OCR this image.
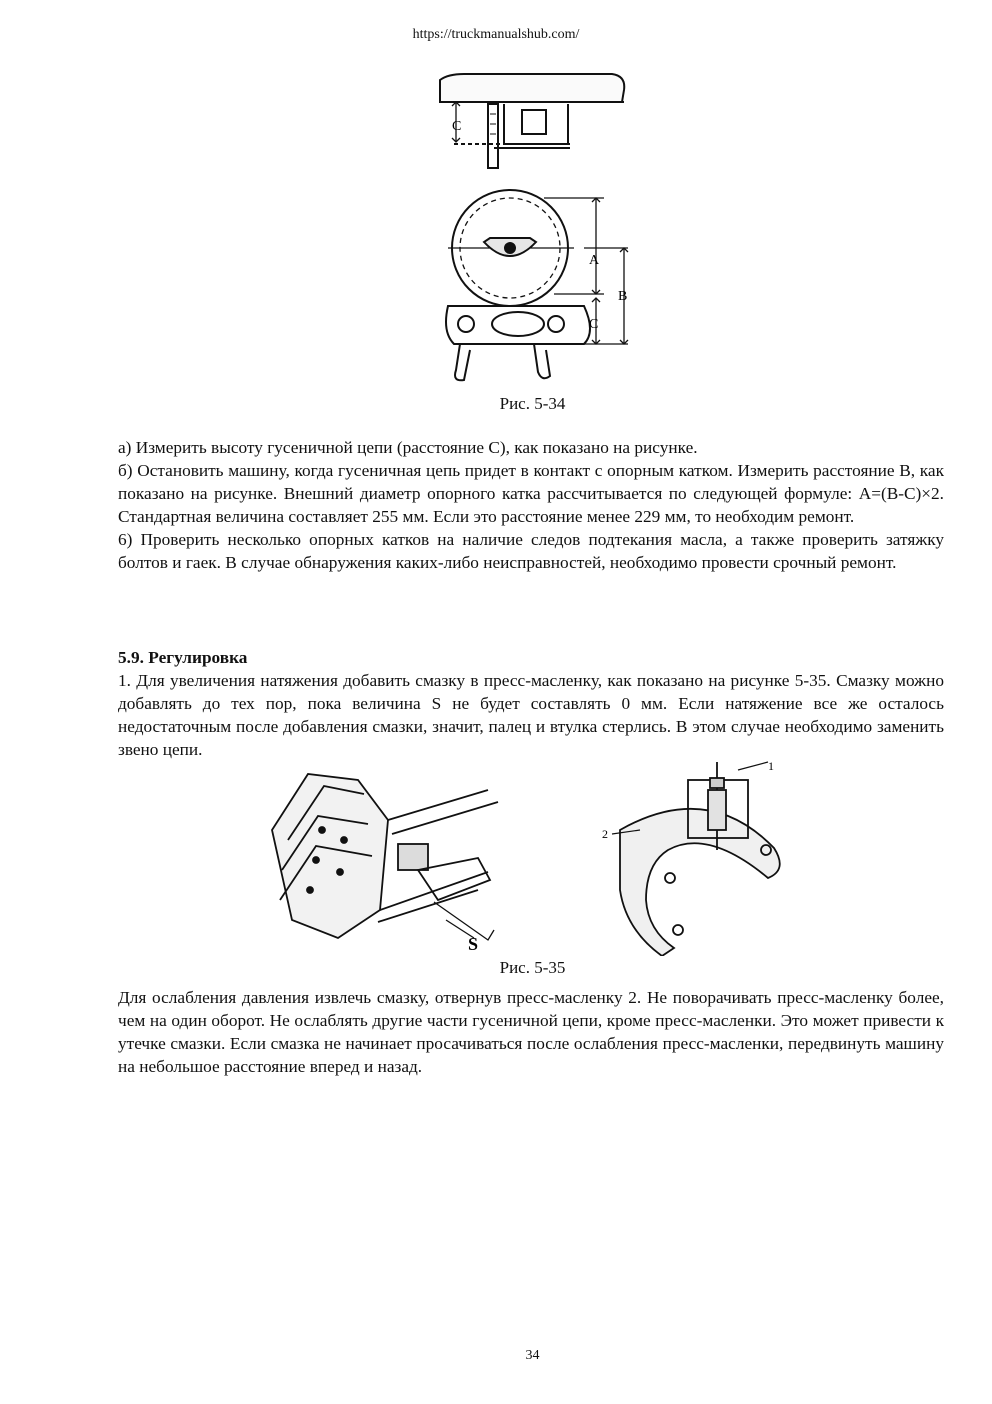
https://truckmanualshub.com/
C
A
B
C
Рис. 5-34

а) Измерить высоту гусеничной цепи (расстояние С), как показано на рисунке.

б) Остановить машину, когда гусеничная цепь придет в контакт с опорным катком. Измерить расстояние В, как показано на рисунке. Внешний диаметр опорного катка рассчитывается по следующей формуле: А=(В-С)×2. Стандартная величина составляет 255 мм. Если это расстояние менее 229 мм, то необходим ремонт.

6) Проверить несколько опорных катков на наличие следов подтекания масла, а также проверить затяжку болтов и гаек. В случае обнаружения каких-либо неисправностей, необходимо провести срочный ремонт.

5.9. Регулировка

1. Для увеличения натяжения добавить смазку в пресс-масленку, как показано на рисунке 5-35. Смазку можно добавлять до тех пор, пока величина S не будет составлять 0 мм. Если натяжение все же осталось недостаточным после добавления смазки, значит, палец и втулка стерлись. В этом случае необходимо заменить звено цепи.

S
1
2
Рис. 5-35

Для ослабления давления извлечь смазку, отвернув пресс-масленку 2. Не поворачивать пресс-масленку более, чем на один оборот. Не ослаблять другие части гусеничной цепи, кроме пресс-масленки. Это может привести к утечке смазки. Если смазка не начинает просачиваться после ослабления пресс-масленки, передвинуть машину на небольшое расстояние вперед и назад.

34
